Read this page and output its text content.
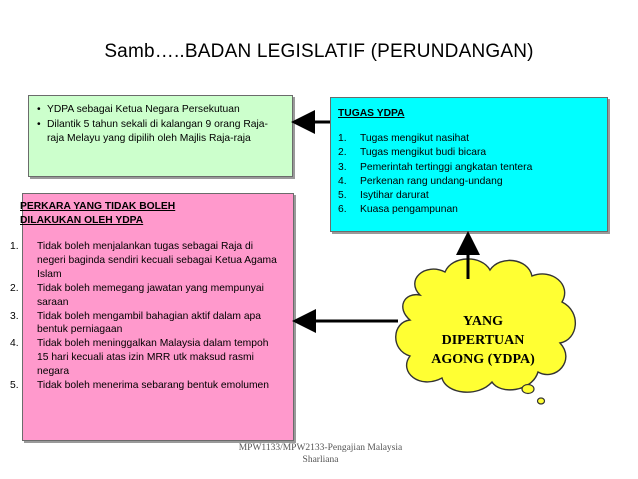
Samb…..BADAN LEGISLATIF (PERUNDANGAN)
• YDPA sebagai Ketua Negara Persekutuan
• Dilantik 5 tahun sekali di kalangan 9 orang Raja-raja Melayu yang dipilih oleh Majlis Raja-raja

TUGAS YDPA

1.	Tugas mengikut nasihat
2.	Tugas mengikut budi bicara
3.	Pemerintah tertinggi angkatan tentera
4.	Perkenan rang undang-undang
5.	Isytihar darurat
6.	Kuasa pengampunan

PERKARA YANG TIDAK BOLEH

DILAKUKAN OLEH YDPA

1.	Tidak boleh menjalankan tugas sebagai Raja di negeri baginda sendiri kecuali sebagai Ketua Agama Islam
2.	Tidak boleh memegang jawatan yang mempunyai saraan
3.	Tidak boleh mengambil bahagian aktif dalam apa bentuk perniagaan
4.	Tidak boleh meninggalkan Malaysia dalam tempoh 15 hari kecuali atas izin MRR utk maksud rasmi negara
5.	Tidak boleh menerima sebarang bentuk emolumen
YANG
DIPERTUAN
AGONG (YDPA)
MPW1133/MPW2133-Pengajian Malaysia
Sharliana
